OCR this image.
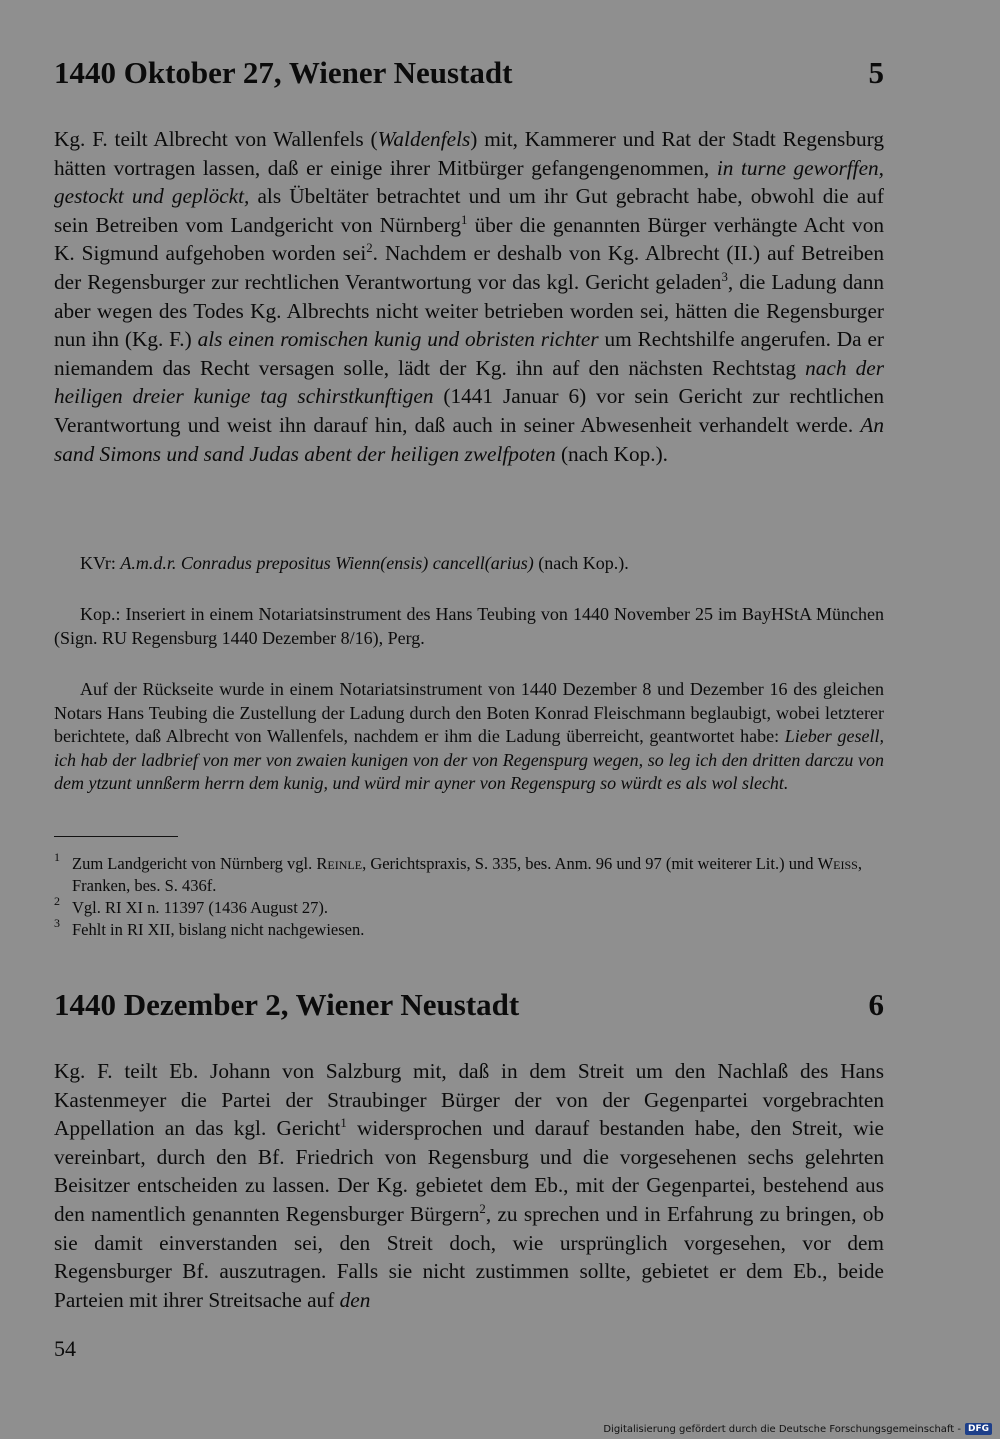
1440 Oktober 27, Wiener Neustadt	5

Kg. F. teilt Albrecht von Wallenfels (Waldenfels) mit, Kammerer und Rat der Stadt Regensburg hätten vortragen lassen, daß er einige ihrer Mitbürger gefangengenommen, in turne geworffen, gestockt und geplöckt, als Übeltäter betrachtet und um ihr Gut gebracht habe, obwohl die auf sein Betreiben vom Landgericht von Nürnberg$^1$ über die genannten Bürger verhängte Acht von K. Sigmund aufgehoben worden sei$^2$. Nachdem er deshalb von Kg. Albrecht (II.) auf Betreiben der Regensburger zur rechtlichen Verantwortung vor das kgl. Gericht geladen$^3$, die Ladung dann aber wegen des Todes Kg. Albrechts nicht weiter betrieben worden sei, hätten die Regensburger nun ihn (Kg. F.) als einen romischen kunig und obristen richter um Rechtshilfe angerufen. Da er niemandem das Recht versagen solle, lädt der Kg. ihn auf den nächsten Rechtstag nach der heiligen dreier kunige tag schirstkunftigen (1441 Januar 6) vor sein Gericht zur rechtlichen Verantwortung und weist ihn darauf hin, daß auch in seiner Abwesenheit verhandelt werde. An sand Simons und sand Judas abent der heiligen zwelfpoten (nach Kop.).

KVr: A.m.d.r. Conradus prepositus Wienn(ensis) cancell(arius) (nach Kop.).

Kop.: Inseriert in einem Notariatsinstrument des Hans Teubing von 1440 November 25 im BayHStA München (Sign. RU Regensburg 1440 Dezember 8/16), Perg.

Auf der Rückseite wurde in einem Notariatsinstrument von 1440 Dezember 8 und Dezember 16 des gleichen Notars Hans Teubing die Zustellung der Ladung durch den Boten Konrad Fleischmann beglaubigt, wobei letzterer berichtete, daß Albrecht von Wallenfels, nachdem er ihm die Ladung überreicht, geantwortet habe: Lieber gesell, ich hab der ladbrief von mer von zwaien kunigen von der von Regenspurg wegen, so leg ich den dritten darczu von dem ytzunt unnßerm herrn dem kunig, und würd mir ayner von Regenspurg so würdt es als wol slecht.

1 Zum Landgericht von Nürnberg vgl. Reinle, Gerichtspraxis, S. 335, bes. Anm. 96 und 97 (mit weiterer Lit.) und Weiss, Franken, bes. S. 436f.

2 Vgl. RI XI n. 11397 (1436 August 27).

3 Fehlt in RI XII, bislang nicht nachgewiesen.

1440 Dezember 2, Wiener Neustadt	6

Kg. F. teilt Eb. Johann von Salzburg mit, daß in dem Streit um den Nachlaß des Hans Kastenmeyer die Partei der Straubinger Bürger der von der Gegenpartei vorgebrachten Appellation an das kgl. Gericht$^1$ widersprochen und darauf bestanden habe, den Streit, wie vereinbart, durch den Bf. Friedrich von Regensburg und die vorgesehenen sechs gelehrten Beisitzer entscheiden zu lassen. Der Kg. gebietet dem Eb., mit der Gegenpartei, bestehend aus den namentlich genannten Regensburger Bürgern$^2$, zu sprechen und in Erfahrung zu bringen, ob sie damit einverstanden sei, den Streit doch, wie ursprünglich vorgesehen, vor dem Regensburger Bf. auszutragen. Falls sie nicht zustimmen sollte, gebietet er dem Eb., beide Parteien mit ihrer Streitsache auf den

54

Digitalisierung gefördert durch die Deutsche Forschungsgemeinschaft - DFG
